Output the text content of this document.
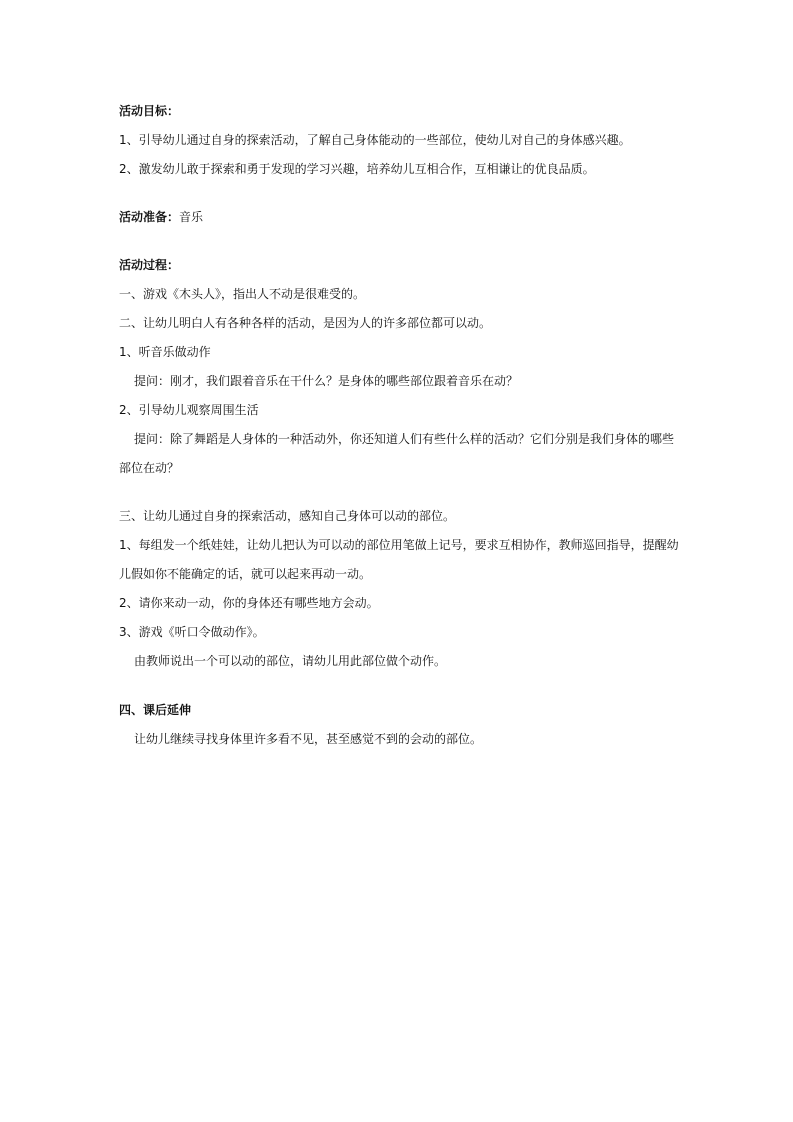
活动目标：
1、引导幼儿通过自身的探索活动，了解自己身体能动的一些部位，使幼儿对自己的身体感兴趣。
2、激发幼儿敢于探索和勇于发现的学习兴趣，培养幼儿互相合作，互相谦让的优良品质。
活动准备：音乐
活动过程：
一、游戏《木头人》，指出人不动是很难受的。
二、让幼儿明白人有各种各样的活动，是因为人的许多部位都可以动。
1、听音乐做动作
提问：刚才，我们跟着音乐在干什么？是身体的哪些部位跟着音乐在动？
2、引导幼儿观察周围生活
提问：除了舞蹈是人身体的一种活动外，你还知道人们有些什么样的活动？它们分别是我们身体的哪些
部位在动？
三、让幼儿通过自身的探索活动，感知自己身体可以动的部位。
1、每组发一个纸娃娃，让幼儿把认为可以动的部位用笔做上记号，要求互相协作，教师巡回指导，提醒幼
儿假如你不能确定的话，就可以起来再动一动。
2、请你来动一动，你的身体还有哪些地方会动。
3、游戏《听口令做动作》。
由教师说出一个可以动的部位，请幼儿用此部位做个动作。
四、课后延伸
让幼儿继续寻找身体里许多看不见，甚至感觉不到的会动的部位。
